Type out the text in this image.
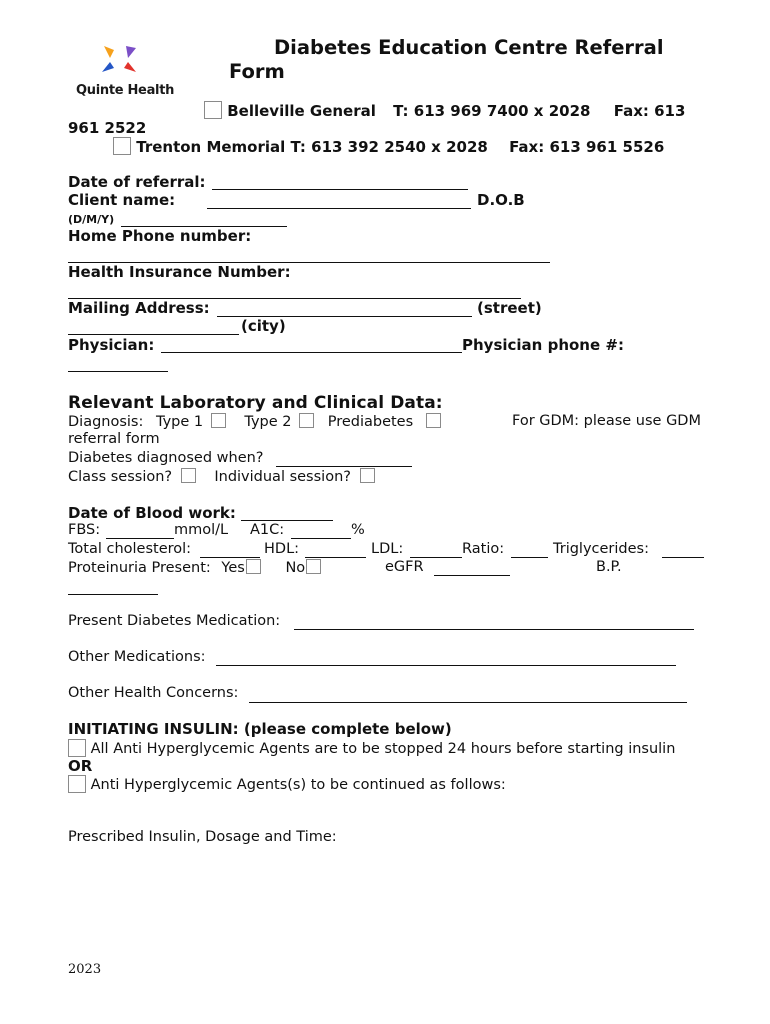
Quinte Health
Diabetes Education Centre Referral
Form
Belleville General T: 613 969 7400 x 2028 Fax: 613
961 2522
Trenton Memorial T: 613 392 2540 x 2028 Fax: 613 961 5526
Date of referral:
Client name:	D.O.B
(D/M/Y)
Home Phone number:
Health Insurance Number:
Mailing Address:	(street)
(city)
Physician:	Physician phone #:
Relevant Laboratory and Clinical Data:
Diagnosis: Type 1	Type 2 Prediabetes	For GDM: please use GDM
referral form
Diabetes diagnosed when?
Class session?	Individual session?
Date of Blood work:
FBS:	mmol/L A1C:	%
Total cholesterol:	HDL:	LDL:	Ratio:	Triglycerides:
Proteinuria Present: Yes	No	eGFR	B.P.
Present Diabetes Medication:
Other Medications:
Other Health Concerns:
INITIATING INSULIN: (please complete below)
All Anti Hyperglycemic Agents are to be stopped 24 hours before starting insulin
OR
Anti Hyperglycemic Agents(s) to be continued as follows:
Prescribed Insulin, Dosage and Time:
2023
